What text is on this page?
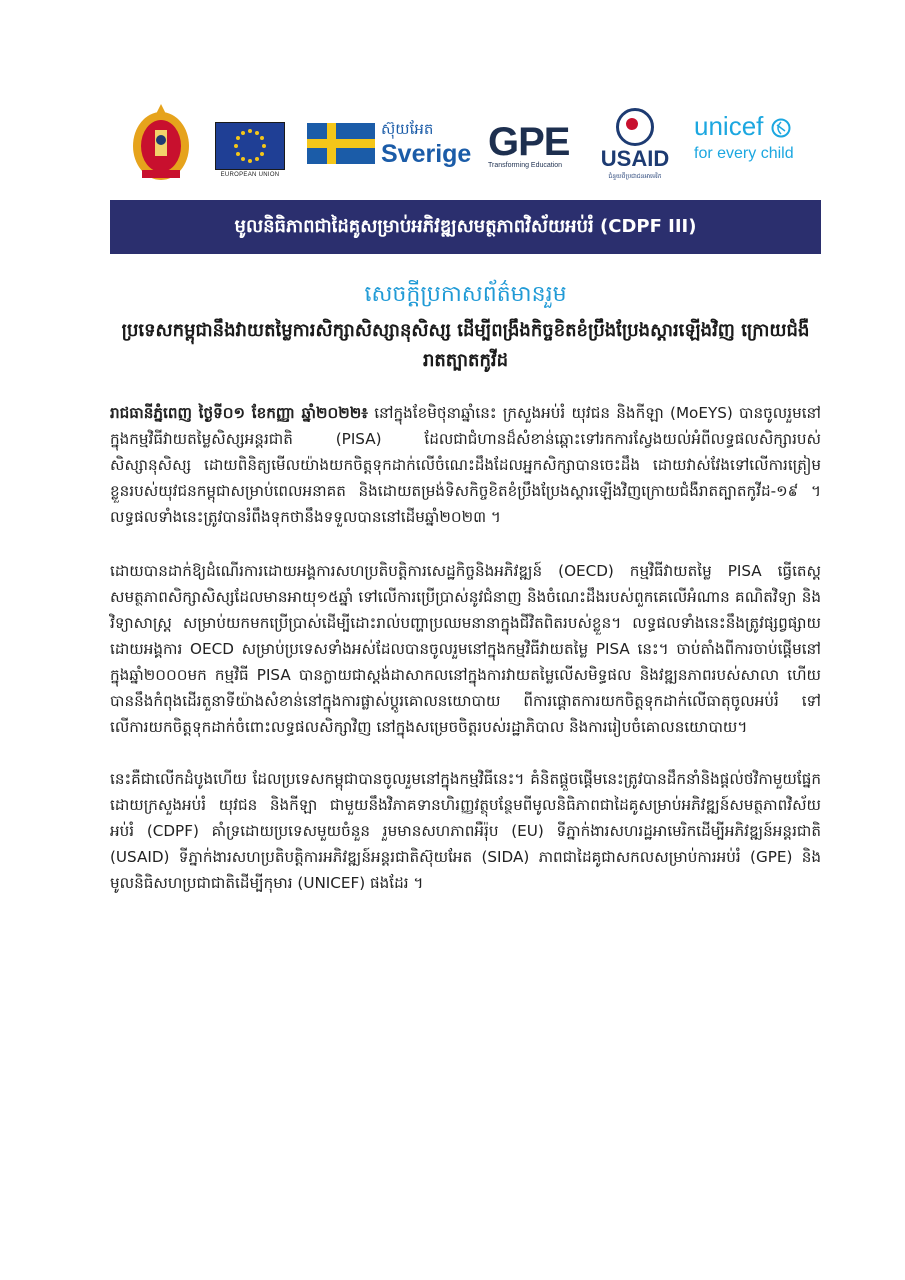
EUROPEAN UNION
ស៊ុយអែត
Sverige GPE
Transforming Education	USAID
ជំនួយពីប្រជាជនអាមេរិក
unicef
for every child
មូលនិធិភាពជាដៃគូសម្រាប់អភិវឌ្ឍសមត្ថភាពវិស័យអប់រំ (CDPF III)
សេចក្តីប្រកាសព័ត៌មានរួម
ប្រទេសកម្ពុជានឹងវាយតម្លៃការសិក្សាសិស្សានុសិស្ស ដើម្បីពង្រឹងកិច្ចខិតខំប្រឹងប្រែងស្តារឡើងវិញ ក្រោយជំងឺរាតត្បាតកូវីដ

រាជធានីភ្នំពេញ ថ្ងៃទី០១ ខែកញ្ញា ឆ្នាំ២០២២៖ នៅក្នុងខែមិថុនាឆ្នាំនេះ ក្រសួងអប់រំ យុវជន និងកីឡា (MoEYS) បានចូលរួមនៅក្នុងកម្មវិធីវាយតម្លៃសិស្សអន្តរជាតិ (PISA) ដែលជាជំហានដ៏សំខាន់ឆ្ពោះទៅរកការស្វែងយល់អំពីលទ្ធផលសិក្សារបស់សិស្សានុសិស្ស ដោយពិនិត្យមើលយ៉ាងយកចិត្តទុកដាក់លើចំណេះដឹងដែលអ្នកសិក្សាបានចេះដឹង ដោយវាស់វែងទៅលើការត្រៀមខ្លួនរបស់យុវជនកម្ពុជាសម្រាប់ពេលអនាគត និងដោយតម្រង់ទិសកិច្ចខិតខំប្រឹងប្រែងស្តារឡើងវិញក្រោយជំងឺរាតត្បាតកូវីដ-១៩ ។ លទ្ធផលទាំងនេះត្រូវបានរំពឹងទុកថានឹងទទួលបាននៅដើមឆ្នាំ២០២៣ ។

ដោយបានដាក់ឱ្យដំណើរការដោយអង្គការសហប្រតិបត្តិការសេដ្ឋកិច្ចនិងអភិវឌ្ឍន៍ (OECD) កម្មវិធីវាយតម្លៃ PISA ធ្វើតេស្តសមត្ថភាពសិក្សាសិស្សដែលមានអាយុ១៥ឆ្នាំ ទៅលើការប្រើប្រាស់នូវជំនាញ និងចំណេះដឹងរបស់ពួកគេលើអំណាន គណិតវិទ្យា និងវិទ្យាសាស្ត្រ សម្រាប់យកមកប្រើប្រាស់ដើម្បីដោះរាល់បញ្ហាប្រឈមនានាក្នុងជីវិតពិតរបស់ខ្លួន។ លទ្ធផលទាំងនេះនឹងត្រូវផ្សព្វផ្សាយដោយអង្គការ OECD សម្រាប់ប្រទេសទាំងអស់ដែលបានចូលរួមនៅក្នុងកម្មវិធីវាយតម្លៃ PISA នេះ។ ចាប់តាំងពីការចាប់ផ្តើមនៅក្នុងឆ្នាំ២០០០មក កម្មវិធី PISA បានក្លាយជាស្តង់ដាសាកលនៅក្នុងការវាយតម្លៃលើសមិទ្ធផល និងវឌ្ឍនភាពរបស់សាលា ហើយបាននឹងកំពុងដើរតួនាទីយ៉ាងសំខាន់នៅក្នុងការផ្លាស់ប្តូរគោលនយោបាយ ពីការផ្តោតការយកចិត្តទុកដាក់លើធាតុចូលអប់រំ ទៅលើការយកចិត្តទុកដាក់ចំពោះលទ្ធផលសិក្សាវិញ នៅក្នុងសម្រេចចិត្តរបស់រដ្ឋាភិបាល និងការរៀបចំគោលនយោបាយ។

នេះគឺជាលើកដំបូងហើយ ដែលប្រទេសកម្ពុជាបានចូលរួមនៅក្នុងកម្មវិធីនេះ។ គំនិតផ្តួចផ្តើមនេះត្រូវបានដឹកនាំនិងផ្តល់ថវិកាមួយផ្នែកដោយក្រសួងអប់រំ យុវជន និងកីឡា ជាមួយនឹងវិភាគទានហិរញ្ញវត្ថុបន្ថែមពីមូលនិធិភាពជាដៃគូសម្រាប់អភិវឌ្ឍន៍សមត្ថភាពវិស័យអប់រំ (CDPF) គាំទ្រដោយប្រទេសមួយចំនួន រួមមានសហភាពអឺរ៉ុប (EU) ទីភ្នាក់ងារសហរដ្ឋអាមេរិកដើម្បីអភិវឌ្ឍន៍អន្តរជាតិ (USAID) ទីភ្នាក់ងារសហប្រតិបត្តិការអភិវឌ្ឍន៍អន្តរជាតិស៊ុយអែត (SIDA) ភាពជាដៃគូជាសកលសម្រាប់ការអប់រំ (GPE) និងមូលនិធិសហប្រជាជាតិដើម្បីកុមារ (UNICEF) ផងដែរ ។
